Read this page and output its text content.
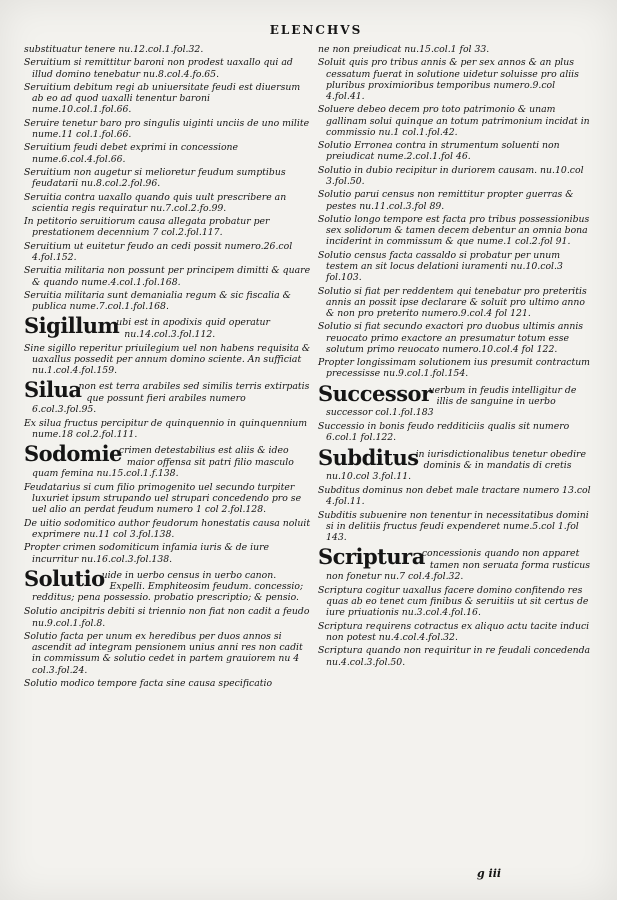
ELENCHVS
substituatur tenere nu.12.col.1.fol.32.
Seruitium si remittitur baroni non prodest uaxallo qui ad illud domino tenebatur nu.8.col.4.fo.65.
Seruitium debitum regi ab uniuersitate feudi est diuersum ab eo ad quod uaxalli tenentur baroni nume.10.col.1.fol.66.
Seruire tenetur baro pro singulis uiginti unciis de uno milite nume.11 col.1.fol.66.
Seruitium feudi debet exprimi in concessione nume.6.col.4.fol.66.
Seruitium non augetur si melioretur feudum sumptibus feudatarii nu.8.col.2.fol.96.
Seruitia contra uaxallo quando quis uult prescribere an scientia regis requiratur nu.7.col.2.fo.99.
In petitorio seruitiorum causa allegata probatur per prestationem decennium 7 col.2.fol.117.
Seruitium ut euitetur feudo an cedi possit numero.26.col 4.fol.152.
Seruitia militaria non possunt per principem dimitti & quare & quando nume.4.col.1.fol.168.
Seruitia militaria sunt demanialia regum & sic fiscalia & publica nume.7.col.1.fol.168.
Sigillum
ubi est in apodixis quid operatur nu.14.col.3.fol.112.
Sine sigillo reperitur priuilegium uel non habens requisita & uaxallus possedit per annum domino sciente. An sufficiat nu.1.col.4.fol.159.
Silua
non est terra arabiles sed similis terris extirpatis que possunt fieri arabiles numero 6.col.3.fol.95.
Ex silua fructus percipitur de quinquennio in quinquennium nume.18 col.2.fol.111.
Sodomie
crimen detestabilius est aliis & ideo maior offensa sit patri filio masculo quam femina nu.15.col.1.f.138.
Feudatarius si cum filio primogenito uel secundo turpiter luxuriet ipsum strupando uel strupari concedendo pro se uel alio an perdat feudum numero 1 col 2.fol.128.
De uitio sodomitico author feudorum honestatis causa noluit exprimere nu.11 col 3.fol.138.
Propter crimen sodomiticum infamia iuris & de iure incurritur nu.16.col.3.fol.138.
Solutio
uide in uerbo census in uerbo canon. Expelli. Emphiteosim feudum. concessio; redditus; pena possessio. probatio prescriptio; & pensio.
Solutio ancipitris debiti si triennio non fiat non cadit a feudo nu.9.col.1.fol.8.
Solutio facta per unum ex heredibus per duos annos si ascendit ad integram pensionem unius anni res non cadit in commissum & solutio cedet in partem grauiorem nu 4 col.3.fol.24.
Solutio modico tempore facta sine causa specificatio
ne non preiudicat nu.15.col.1 fol 33.
Soluit quis pro tribus annis & per sex annos & an plus cessatum fuerat in solutione uidetur soluisse pro aliis pluribus proximioribus temporibus numero.9.col 4.fol.41.
Soluere debeo decem pro toto patrimonio & unam gallinam solui quinque an totum patrimonium incidat in commissio nu.1 col.1.fol.42.
Solutio Erronea contra in strumentum soluenti non preiudicat nume.2.col.1.fol 46.
Solutio in dubio recipitur in duriorem causam. nu.10.col 3.fol.50.
Solutio parui census non remittitur propter guerras & pestes nu.11.col.3.fol 89.
Solutio longo tempore est facta pro tribus possessionibus sex solidorum & tamen decem debentur an omnia bona inciderint in commissum & que nume.1 col.2.fol 91.
Solutio census facta cassaldo si probatur per unum testem an sit locus delationi iuramenti nu.10.col.3 fol.103.
Solutio si fiat per reddentem qui tenebatur pro preteritis annis an possit ipse declarare & soluit pro ultimo anno & non pro preterito numero.9.col.4 fol 121.
Solutio si fiat secundo exactori pro duobus ultimis annis reuocato primo exactore an presumatur totum esse solutum primo reuocato numero.10.col.4 fol 122.
Propter longissimam solutionem ius presumit contractum precessisse nu.9.col.1.fol.154.
Successor
uerbum in feudis intelligitur de illis de sanguine in uerbo successor col.1.fol.183
Successio in bonis feudo redditiciis qualis sit numero 6.col.1 fol.122.
Subditus
in iurisdictionalibus tenetur obedire dominis & in mandatis di cretis nu.10.col 3.fol.11.
Subditus dominus non debet male tractare numero 13.col 4.fol.11.
Subditis subuenire non tenentur in necessitatibus domini si in delitiis fructus feudi expenderet nume.5.col 1.fol 143.
Scriptura
concessionis quando non apparet tamen non seruata forma rusticus non fonetur nu.7 col.4.fol.32.
Scriptura cogitur uaxallus facere domino confitendo res quas ab eo tenet cum finibus & seruitiis ut sit certus de iure priuationis nu.3.col.4.fol.16.
Scriptura requirens cotractus ex aliquo actu tacite induci non potest nu.4.col.4.fol.32.
Scriptura quando non requiritur in re feudali concedenda nu.4.col.3.fol.50.
g iii
